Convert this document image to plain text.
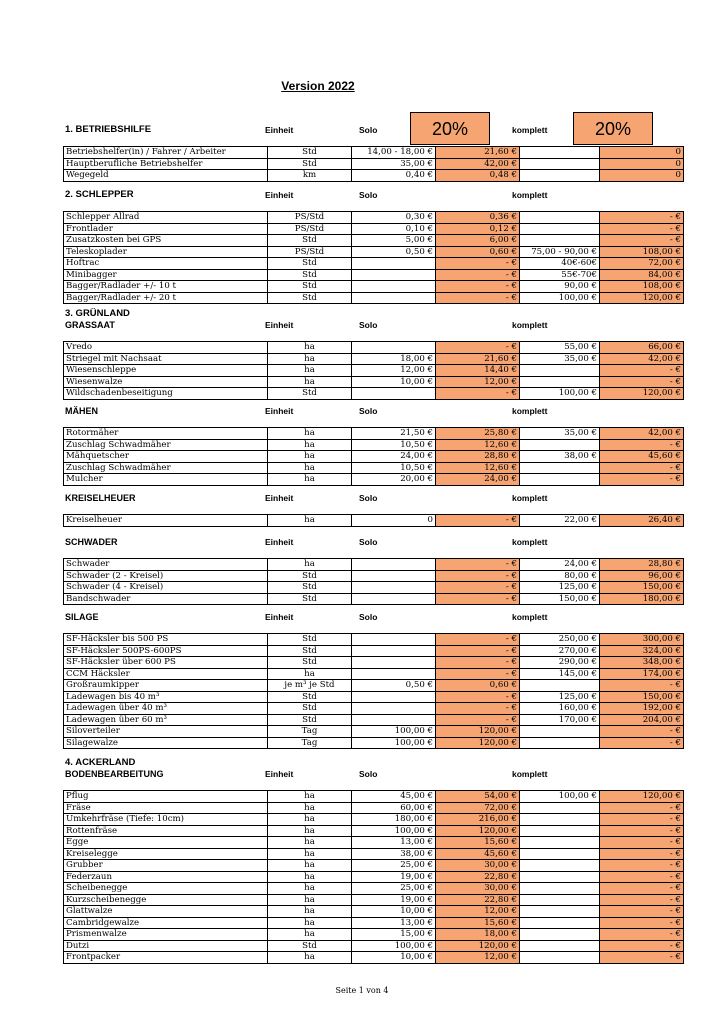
Version 2022
20%	20%
1. BETRIEBSHILFE	Einheit	Solo	komplett
Betriebshelfer(in) / Fahrer / Arbeiter	Std	14,00 - 18,00 €	21,60 €		0
Hauptberufliche Betriebshelfer	Std	35,00 €	42,00 €		0
Wegegeld	km	0,40 €	0,48 €		0
2. SCHLEPPER	Einheit	Solo	komplett
Schlepper Allrad	PS/Std	0,30 €	0,36 €		- €
Frontlader	PS/Std	0,10 €	0,12 €		- €
Zusatzkosten bei GPS	Std	5,00 €	6,00 €		- €
Teleskoplader	PS/Std	0,50 €	0,60 €	75,00 - 90,00 €	108,00 €
Hoftrac	Std		- €	40€-60€	72,00 €
Minibagger	Std		- €	55€-70€	84,00 €
Bagger/Radlader +/- 10 t	Std		- €	90,00 €	108,00 €
Bagger/Radlader +/- 20 t	Std		- €	100,00 €	120,00 €
3. GRÜNLAND
GRASSAAT	Einheit	Solo	komplett
Vredo	ha		- €	55,00 €	66,00 €
Striegel mit Nachsaat	ha	18,00 €	21,60 €	35,00 €	42,00 €
Wiesenschleppe	ha	12,00 €	14,40 €		- €
Wiesenwalze	ha	10,00 €	12,00 €		- €
Wildschadenbeseitigung	Std		- €	100,00 €	120,00 €
MÄHEN	Einheit	Solo	komplett
Rotormäher	ha	21,50 €	25,80 €	35,00 €	42,00 €
Zuschlag Schwadmäher	ha	10,50 €	12,60 €		- €
Mähquetscher	ha	24,00 €	28,80 €	38,00 €	45,60 €
Zuschlag Schwadmäher	ha	10,50 €	12,60 €		- €
Mulcher	ha	20,00 €	24,00 €		- €
KREISELHEUER	Einheit	Solo	komplett
Kreiselheuer	ha	0	- €	22,00 €	26,40 €
SCHWADER	Einheit	Solo	komplett
Schwader	ha		- €	24,00 €	28,80 €
Schwader (2 - Kreisel)	Std		- €	80,00 €	96,00 €
Schwader (4 - Kreisel)	Std		- €	125,00 €	150,00 €
Bandschwader	Std		- €	150,00 €	180,00 €
SILAGE	Einheit	Solo	komplett
SF-Häcksler bis 500 PS	Std		- €	250,00 €	300,00 €
SF-Häcksler 500PS-600PS	Std		- €	270,00 €	324,00 €
SF-Häcksler über 600 PS	Std		- €	290,00 €	348,00 €
CCM Häcksler	ha		- €	145,00 €	174,00 €
Großraumkipper	je m³ je Std	0,50 €	0,60 €		- €
Ladewagen bis 40 m³	Std		- €	125,00 €	150,00 €
Ladewagen über 40 m³	Std		- €	160,00 €	192,00 €
Ladewagen über 60 m³	Std		- €	170,00 €	204,00 €
Siloverteiler	Tag	100,00 €	120,00 €		- €
Silagewalze	Tag	100,00 €	120,00 €		- €
4. ACKERLAND
BODENBEARBEITUNG	Einheit	Solo	komplett
Pflug	ha	45,00 €	54,00 €	100,00 €	120,00 €
Fräse	ha	60,00 €	72,00 €		- €
Umkehrfräse (Tiefe: 10cm)	ha	180,00 €	216,00 €		- €
Rottenfräse	ha	100,00 €	120,00 €		- €
Egge	ha	13,00 €	15,60 €		- €
Kreiselegge	ha	38,00 €	45,60 €		- €
Grubber	ha	25,00 €	30,00 €		- €
Federzaun	ha	19,00 €	22,80 €		- €
Scheibenegge	ha	25,00 €	30,00 €		- €
Kurzscheibenegge	ha	19,00 €	22,80 €		- €
Glattwalze	ha	10,00 €	12,00 €		- €
Cambridgewalze	ha	13,00 €	15,60 €		- €
Prismenwalze	ha	15,00 €	18,00 €		- €
Dutzi	Std	100,00 €	120,00 €		- €
Frontpacker	ha	10,00 €	12,00 €		- €
Seite 1 von 4
